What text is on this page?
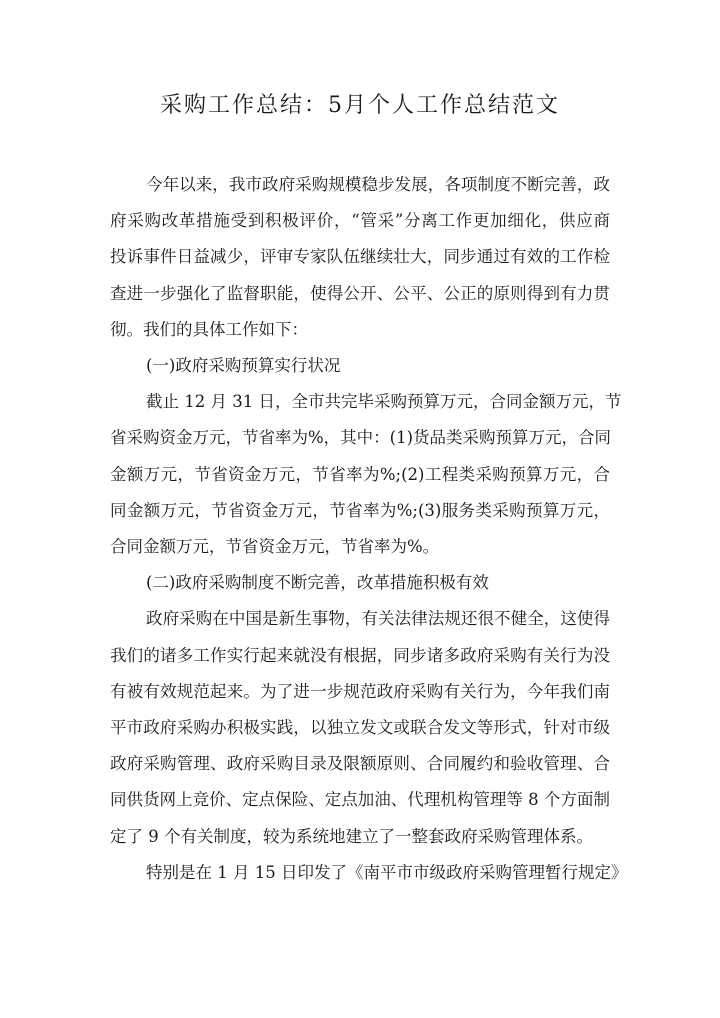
采购工作总结：5月个人工作总结范文
今年以来，我市政府采购规模稳步发展，各项制度不断完善，政
府采购改革措施受到积极评价，“管采”分离工作更加细化，供应商
投诉事件日益减少，评审专家队伍继续壮大，同步通过有效的工作检
查进一步强化了监督职能，使得公开、公平、公正的原则得到有力贯
彻。我们的具体工作如下：
(一)政府采购预算实行状况
截止 12 月 31 日，全市共完毕采购预算万元，合同金额万元，节
省采购资金万元，节省率为%，其中：(1)货品类采购预算万元，合同
金额万元，节省资金万元，节省率为%;(2)工程类采购预算万元，合
同金额万元，节省资金万元，节省率为%;(3)服务类采购预算万元，
合同金额万元，节省资金万元，节省率为%。
(二)政府采购制度不断完善，改革措施积极有效
政府采购在中国是新生事物，有关法律法规还很不健全，这使得
我们的诸多工作实行起来就没有根据，同步诸多政府采购有关行为没
有被有效规范起来。为了进一步规范政府采购有关行为，今年我们南
平市政府采购办积极实践，以独立发文或联合发文等形式，针对市级
政府采购管理、政府采购目录及限额原则、合同履约和验收管理、合
同供货网上竞价、定点保险、定点加油、代理机构管理等 8 个方面制
定了 9 个有关制度，较为系统地建立了一整套政府采购管理体系。
特别是在 1 月 15 日印发了《南平市市级政府采购管理暂行规定》
